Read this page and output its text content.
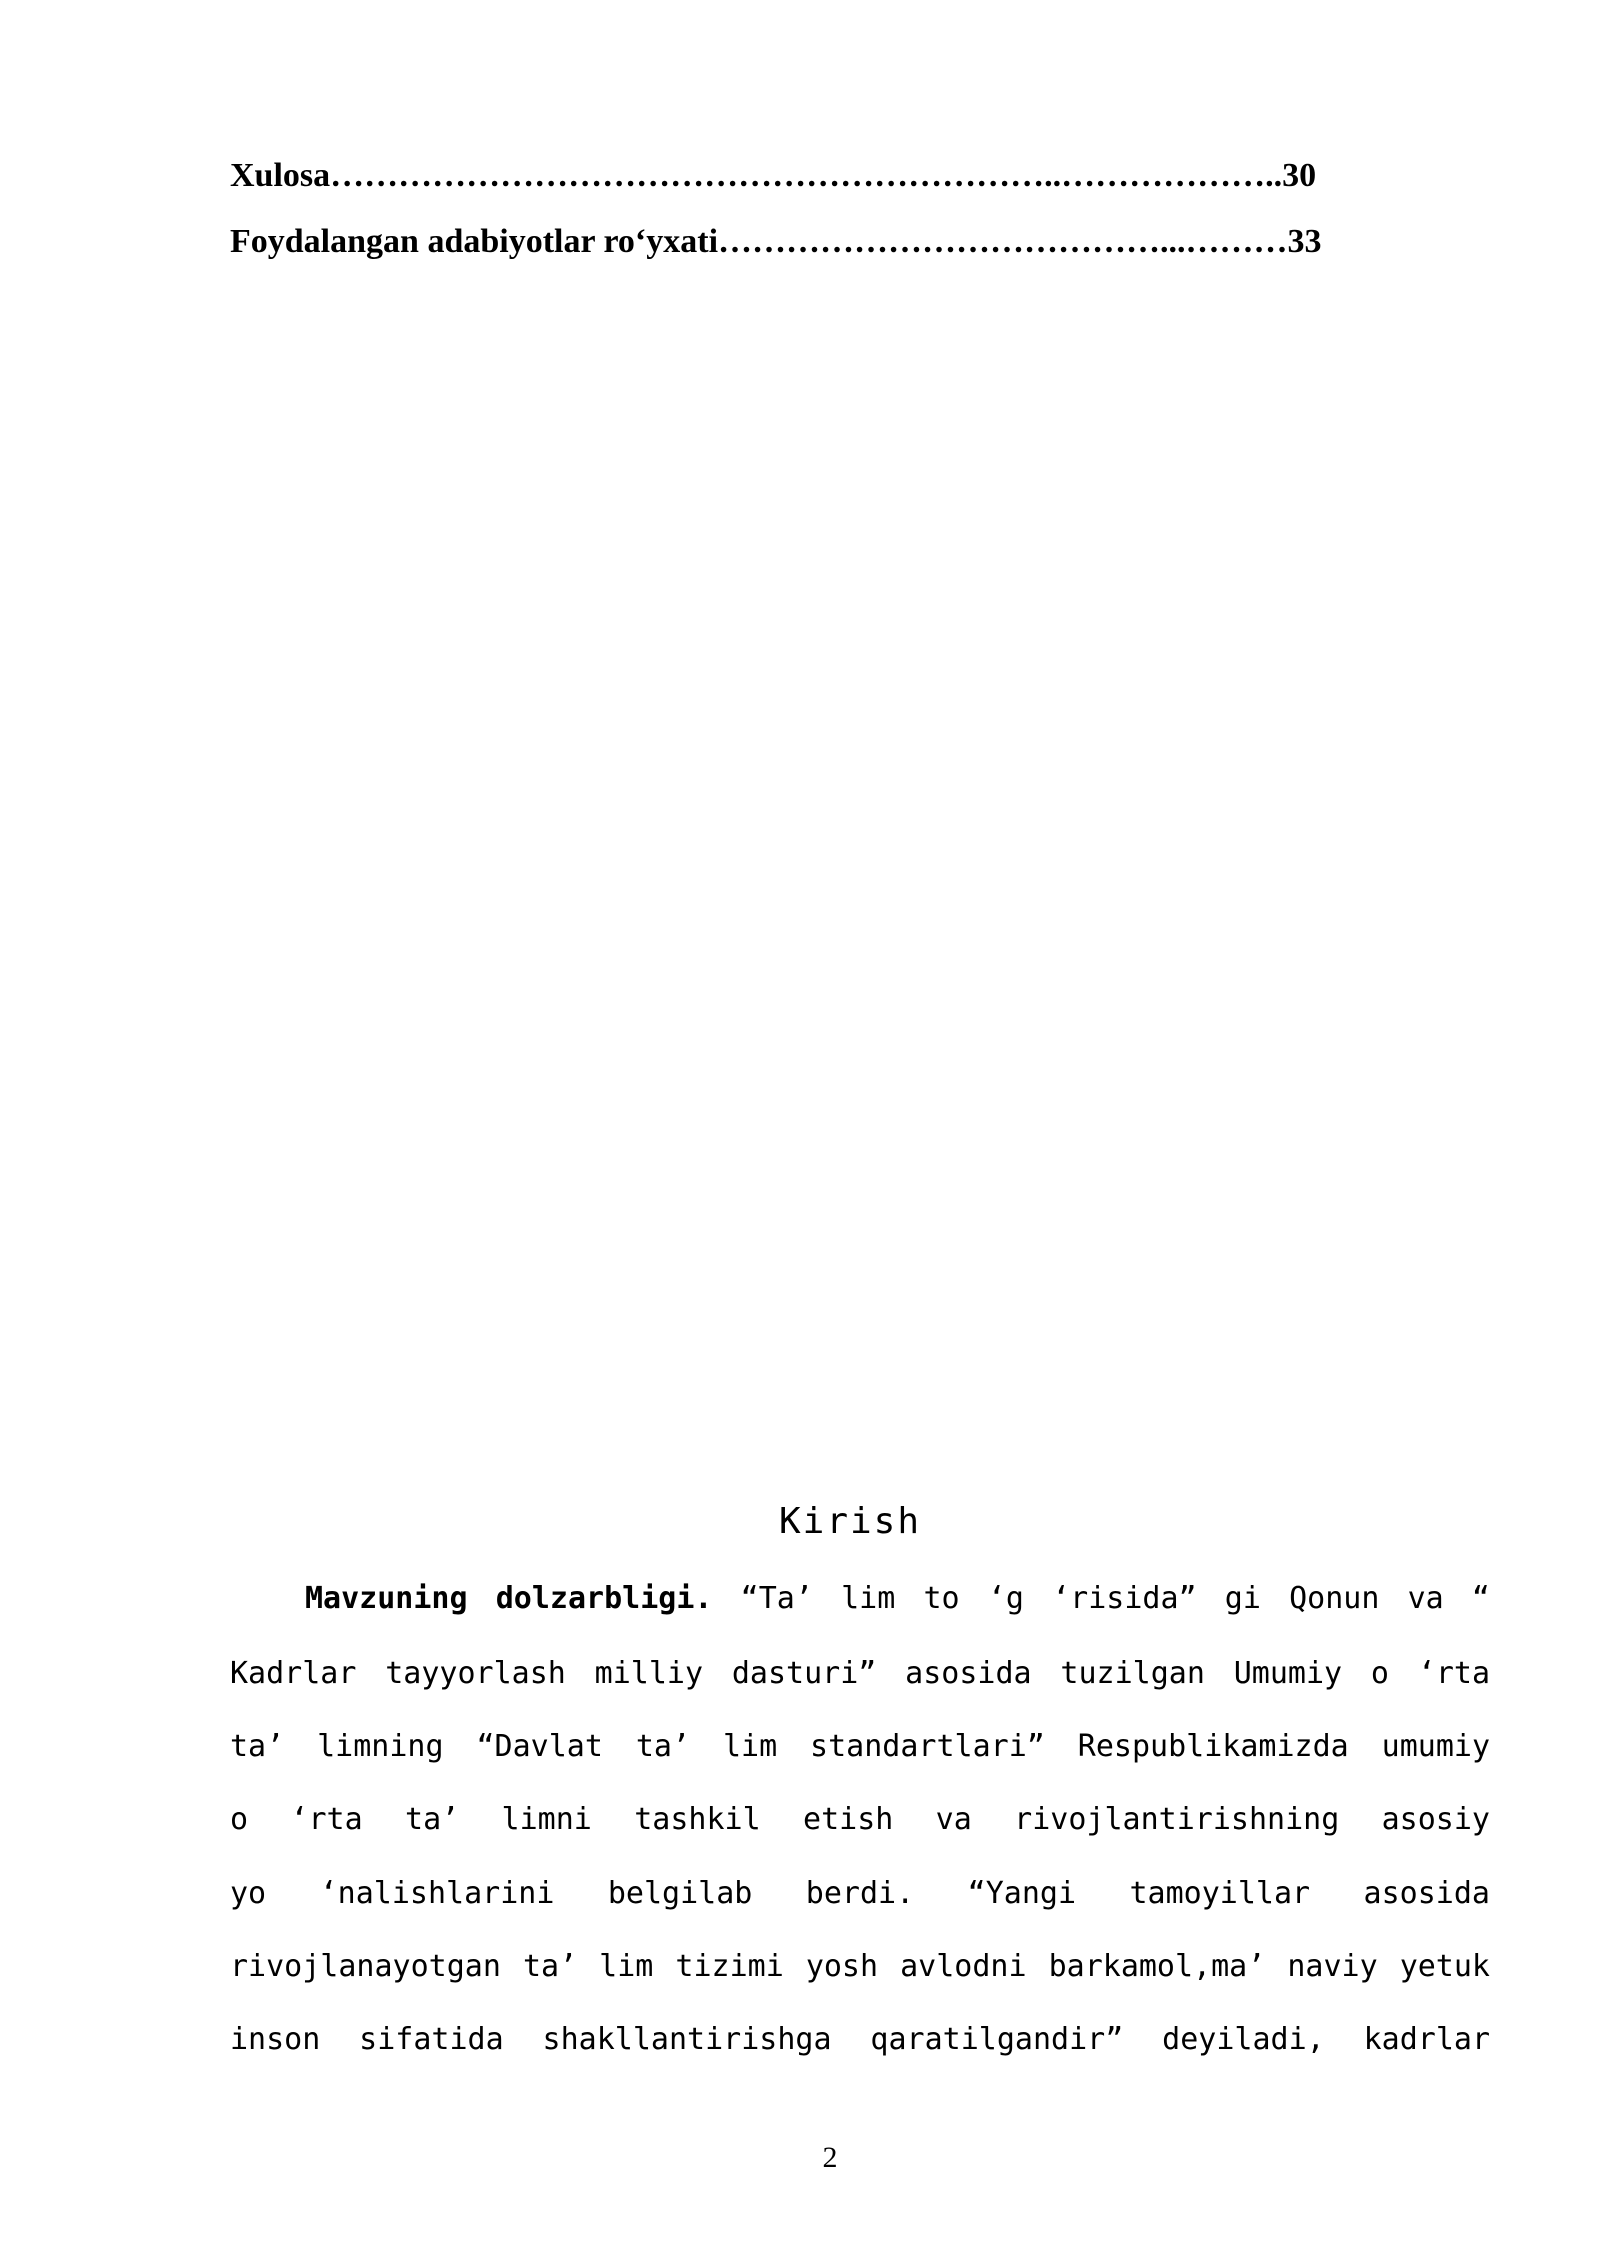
Xulosa………………………………………………………..………………..30
Foydalangan adabiyotlar ro‘yxati…………………………………...………33
Kirish
Mavzuning dolzarbligi. “Ta’ lim to ‘g ‘risida” gi Qonun va “
Kadrlar tayyorlash milliy dasturi” asosida tuzilgan Umumiy o ‘rta
ta’ limning “Davlat ta’ lim standartlari” Respublikamizda umumiy
o ‘rta ta’ limni tashkil etish va rivojlantirishning asosiy
yo ‘nalishlarini belgilab berdi. “Yangi tamoyillar asosida
rivojlanayotgan ta’ lim tizimi yosh avlodni barkamol,ma’ naviy yetuk
inson sifatida shakllantirishga qaratilgandir” deyiladi, kadrlar
2
